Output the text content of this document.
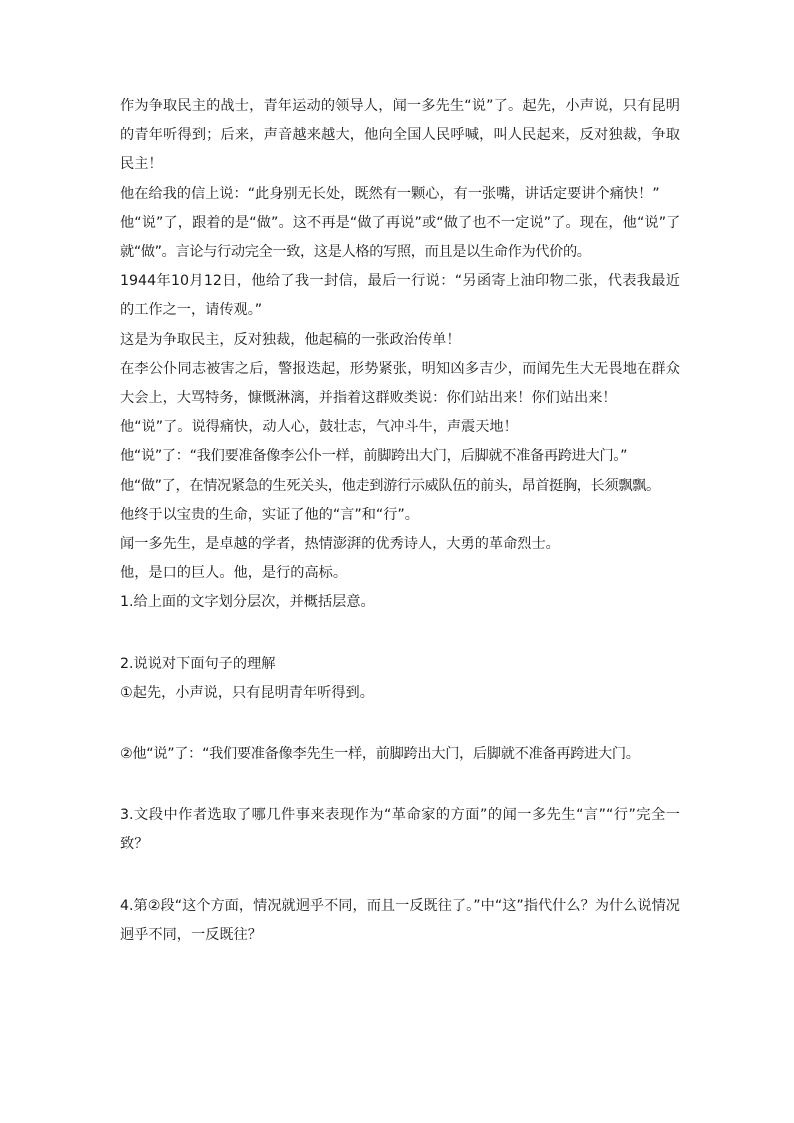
作为争取民主的战士，青年运动的领导人，闻一多先生“说”了。起先，小声说，只有昆明的青年听得到；后来，声音越来越大，他向全国人民呼喊，叫人民起来，反对独裁，争取民主！

他在给我的信上说：“此身别无长处，既然有一颗心，有一张嘴，讲话定要讲个痛快！”

他“说”了，跟着的是“做”。这不再是“做了再说”或“做了也不一定说”了。现在，他“说”了就“做”。言论与行动完全一致，这是人格的写照，而且是以生命作为代价的。

1944年10月12日，他给了我一封信，最后一行说：“另函寄上油印物二张，代表我最近的工作之一，请传观。”

这是为争取民主，反对独裁，他起稿的一张政治传单！

在李公仆同志被害之后，警报迭起，形势紧张，明知凶多吉少，而闻先生大无畏地在群众大会上，大骂特务，慷慨淋漓，并指着这群败类说：你们站出来！你们站出来！

他“说”了。说得痛快，动人心，鼓壮志，气冲斗牛，声震天地！

他“说”了：“我们要准备像李公仆一样，前脚跨出大门，后脚就不准备再跨进大门。”

他“做”了，在情况紧急的生死关头，他走到游行示威队伍的前头，昂首挺胸，长须飘飘。

他终于以宝贵的生命，实证了他的“言”和“行”。

闻一多先生，是卓越的学者，热情澎湃的优秀诗人，大勇的革命烈士。

他，是口的巨人。他，是行的高标。

1.给上面的文字划分层次，并概括层意。

2.说说对下面句子的理解

①起先，小声说，只有昆明青年听得到。

②他“说”了：“我们要准备像李先生一样，前脚跨出大门，后脚就不准备再跨进大门。

3.文段中作者选取了哪几件事来表现作为“革命家的方面”的闻一多先生“言”“行”完全一致？

4.第②段“这个方面，情况就迥乎不同，而且一反既往了。”中“这”指代什么？为什么说情况迥乎不同，一反既往？
